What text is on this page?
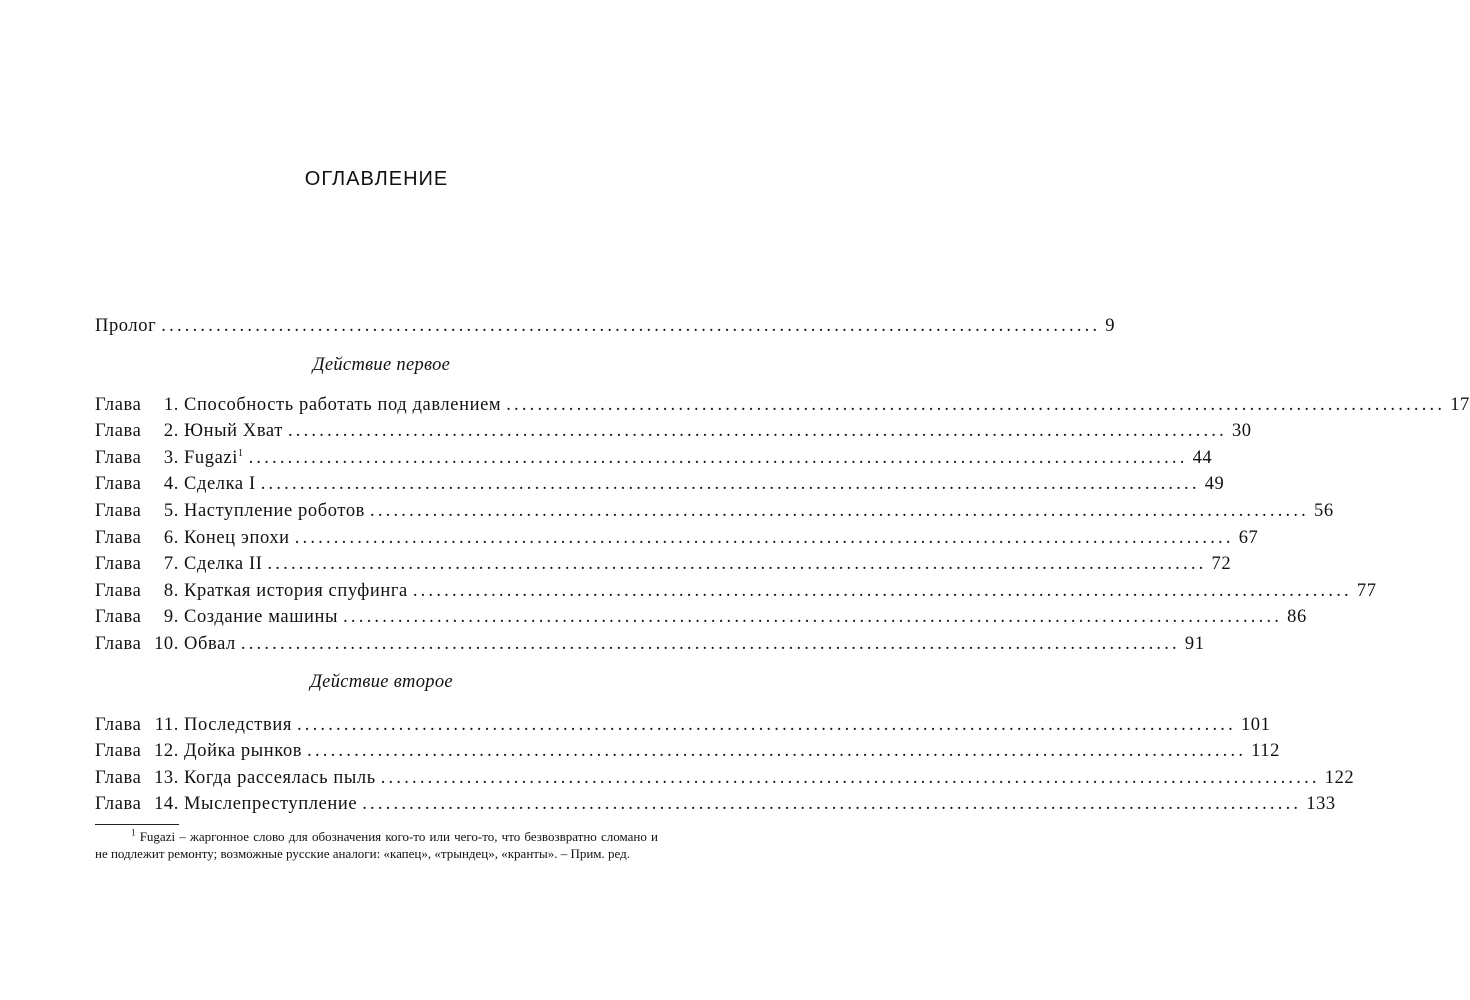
ОГЛАВЛЕНИЕ
Пролог ........................................................................................................................ 9
Действие первое
Глава	1. Способность работать под давлением ........................................................................................................................ 17
Глава	2. Юный Хват ........................................................................................................................ 30
Глава	3. Fugazi$^1$ ........................................................................................................................ 44
Глава	4. Сделка I ........................................................................................................................ 49
Глава	5. Наступление роботов ........................................................................................................................ 56
Глава	6. Конец эпохи ........................................................................................................................ 67
Глава	7. Сделка II ........................................................................................................................ 72
Глава	8. Краткая история спуфинга ........................................................................................................................ 77
Глава	9. Создание машины ........................................................................................................................ 86
Глава 10. Обвал ........................................................................................................................ 91
Действие второе
Глава 11. Последствия ........................................................................................................................ 101
Глава 12. Дойка рынков ........................................................................................................................ 112
Глава 13. Когда рассеялась пыль ........................................................................................................................ 122
Глава 14. Мыслепреступление ........................................................................................................................ 133
$^1$ Fugazi – жаргонное слово для обозначения кого-то или чего-то, что безвозвратно сломано и не подлежит ремонту; возможные русские аналоги: «капец», «трындец», «кранты». – Прим. ред.
